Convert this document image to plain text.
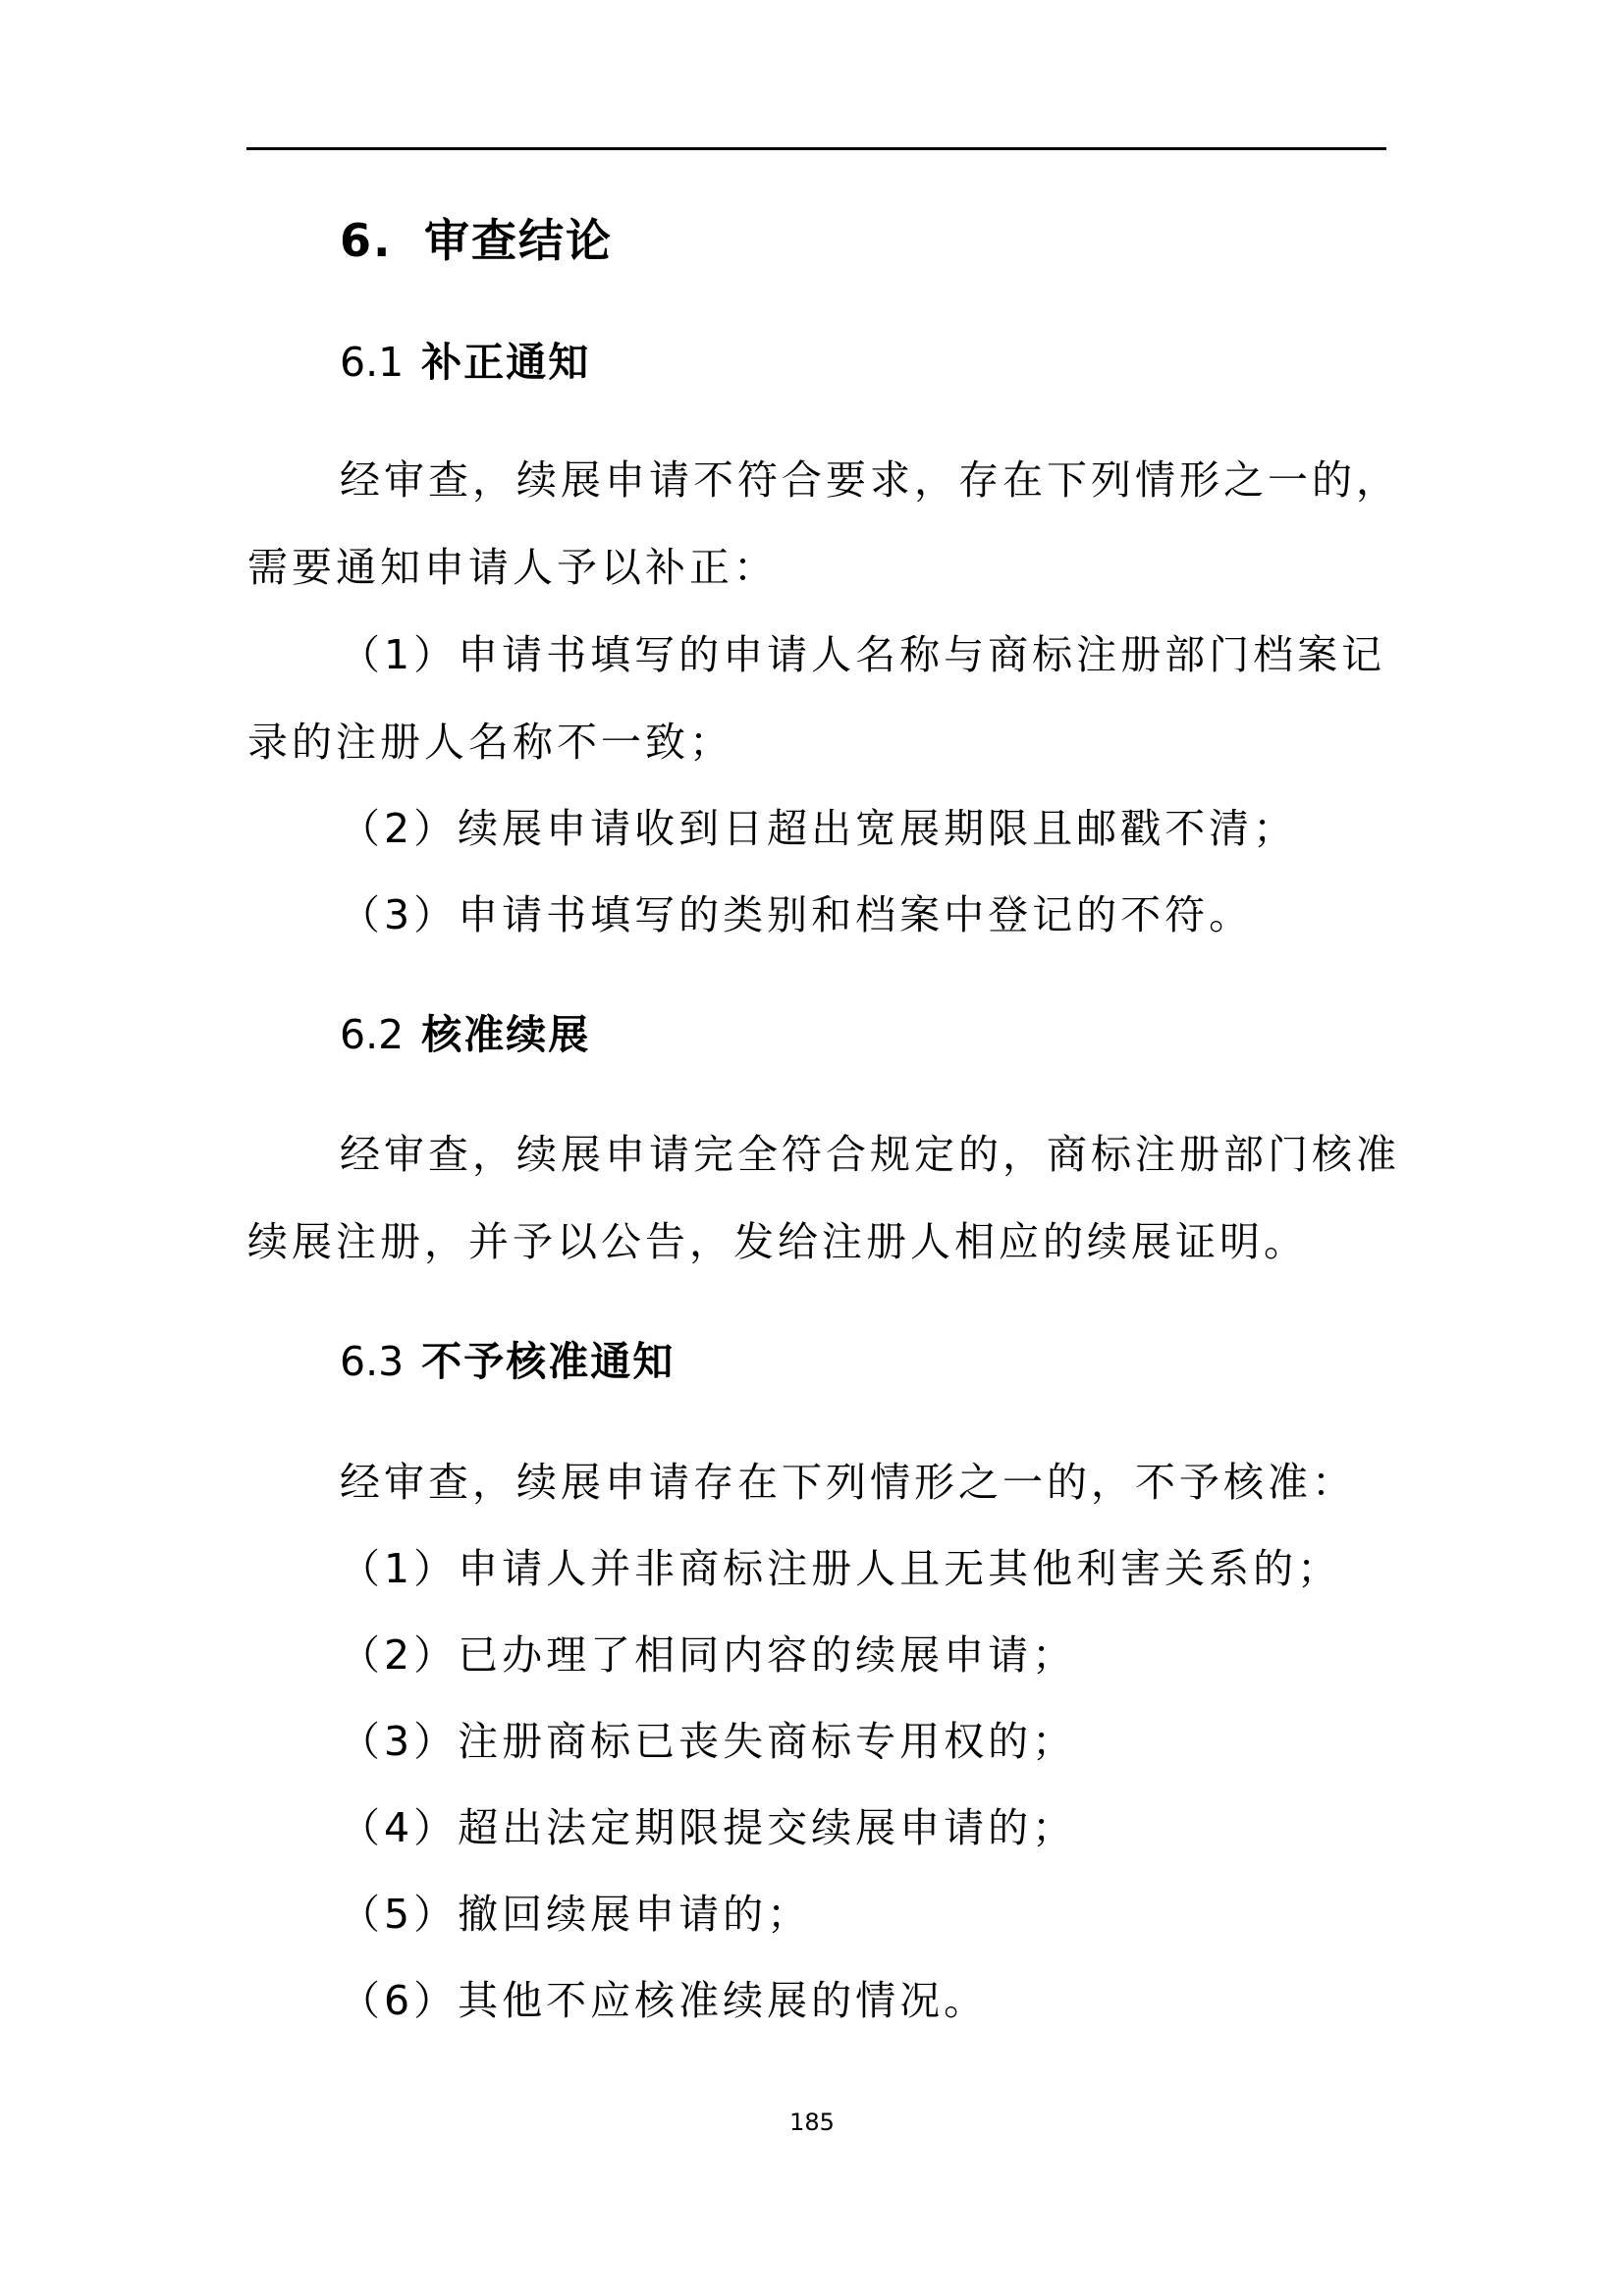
6. 审查结论
6.1 补正通知

经审查，续展申请不符合要求，存在下列情形之一的，

需要通知申请人予以补正：

（1）申请书填写的申请人名称与商标注册部门档案记

录的注册人名称不一致；

（2）续展申请收到日超出宽展期限且邮戳不清；

（3）申请书填写的类别和档案中登记的不符。

6.2 核准续展

经审查，续展申请完全符合规定的，商标注册部门核准

续展注册，并予以公告，发给注册人相应的续展证明。

6.3 不予核准通知

经审查，续展申请存在下列情形之一的，不予核准：

（1）申请人并非商标注册人且无其他利害关系的；

（2）已办理了相同内容的续展申请；

（3）注册商标已丧失商标专用权的；

（4）超出法定期限提交续展申请的；

（5）撤回续展申请的；

（6）其他不应核准续展的情况。

185
